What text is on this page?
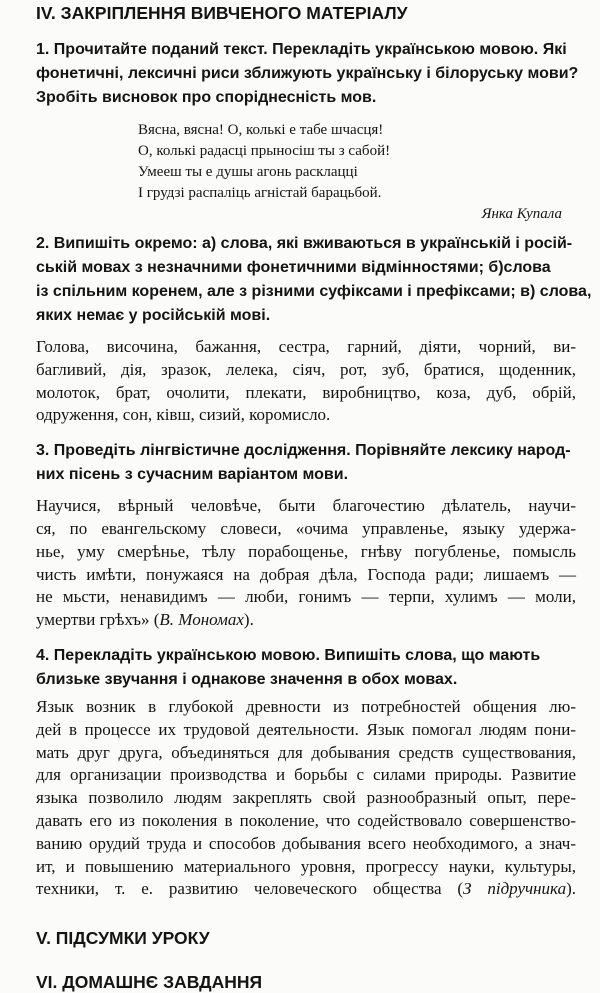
IV. ЗАКРІПЛЕННЯ ВИВЧЕНОГО МАТЕРІАЛУ
1. Прочитайте поданий текст. Перекладіть українською мовою. Які
фонетичні, лексичні риси зближують українську і білоруську мови?
Зробіть висновок про споріднесність мов.
Вясна, вясна! О, колькі е табе шчасця!
О, колькі радасці прыносіш ты з сабой!
Умееш ты е душы агонь расклацці
І грудзі распаліць агністай барацьбой.
Янка Купала
2. Випишіть окремо: а) слова, які вживаються в українській і росій-
ській мовах з незначними фонетичними відмінностями; б)слова
із спільним коренем, але з різними суфіксами і префіксами; в) слова,
яких немає у російській мові.
Голова, височина, бажання, сестра, гарний, діяти, чорний, ви-
багливий, дія, зразок, лелека, сіяч, рот, зуб, братися, щоденник,
молоток, брат, очолити, плекати, виробництво, коза, дуб, обрій,
одруження, сон, ківш, сизий, коромисло.
3. Проведіть лінгвістичне дослідження. Порівняйте лексику народ-
них пісень з сучасним варіантом мови.
Научися, вѣрный человѣче, быти благочестию дѣлатель, научи-
ся, по евангельскому словеси, «очима управленье, языку удержа-
нье, уму смерѣнье, тѣлу порабощенье, гнѣву погубленье, помысль
чисть имѣти, понужаяся на добрая дѣла, Господа ради; лишаемъ —
не мьсти, ненавидимъ — люби, гонимъ — терпи, хулимъ — моли,
умертви грѣхъ» (В. Мономах).
4. Перекладіть українською мовою. Випишіть слова, що мають
близьке звучання і однакове значення в обох мовах.
Язык возник в глубокой древности из потребностей общения лю-
дей в процессе их трудовой деятельности. Язык помогал людям пони-
мать друг друга, объединяться для добывания средств существования,
для организации производства и борьбы с силами природы. Развитие
языка позволило людям закреплять свой разнообразный опыт, пере-
давать его из поколения в поколение, что содействовало совершенство-
ванию орудий труда и способов добывания всего необходимого, а знач-
ит, и повышению материального уровня, прогрессу науки, культуры,
техники, т. е. развитию человеческого общества (З підручника).
V. ПІДСУМКИ УРОКУ
VI. ДОМАШНЄ ЗАВДАННЯ
